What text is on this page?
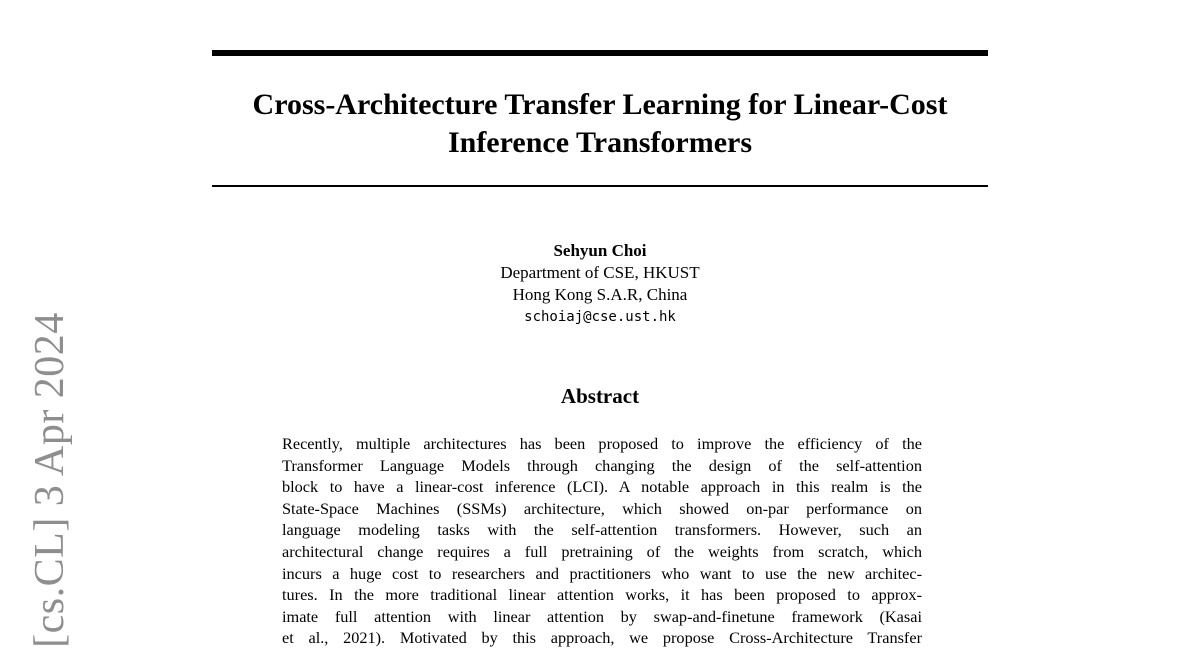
Cross-Architecture Transfer Learning for Linear-Cost
Inference Transformers
Sehyun Choi
Department of CSE, HKUST
Hong Kong S.A.R, China
schoiaj@cse.ust.hk
Abstract
Recently, multiple architectures has been proposed to improve the efficiency of the
Transformer Language Models through changing the design of the self-attention
block to have a linear-cost inference (LCI). A notable approach in this realm is the
State-Space Machines (SSMs) architecture, which showed on-par performance on
language modeling tasks with the self-attention transformers. However, such an
architectural change requires a full pretraining of the weights from scratch, which
incurs a huge cost to researchers and practitioners who want to use the new architec-
tures. In the more traditional linear attention works, it has been proposed to approx-
imate full attention with linear attention by swap-and-finetune framework (Kasai
et al., 2021). Motivated by this approach, we propose Cross-Architecture Transfer
[cs.CL] 3 Apr 2024
